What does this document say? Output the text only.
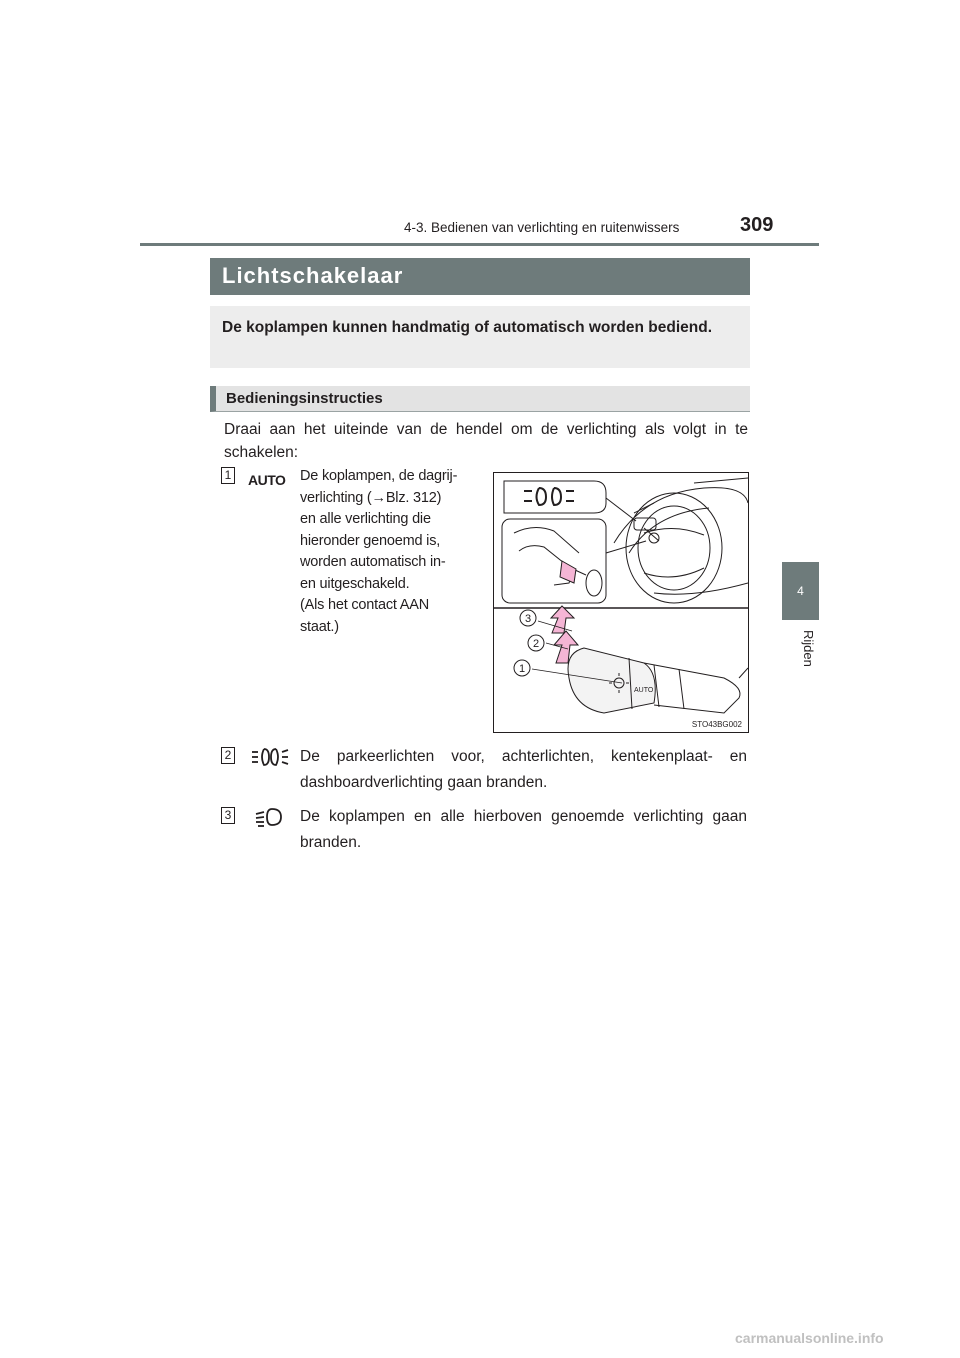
4-3. Bedienen van verlichting en ruitenwissers	309
4
Rijden
Lichtschakelaar
De koplampen kunnen handmatig of automatisch worden bediend.
Bedieningsinstructies
Draai aan het uiteinde van de hendel om de verlichting als volgt in te schakelen:
1 AUTO De koplampen, de dagrij-
verlichting (→Blz. 312)
en alle verlichting die
hieronder genoemd is,
worden automatisch in-
en uitgeschakeld.
(Als het contact AAN
staat.)
AUTO
3
2
1
STO43BG002
2	De parkeerlichten voor, achterlichten, kentekenplaat- en dashboardverlichting gaan branden.
3	De koplampen en alle hierboven genoemde verlichting gaan branden.
carmanualsonline.info
